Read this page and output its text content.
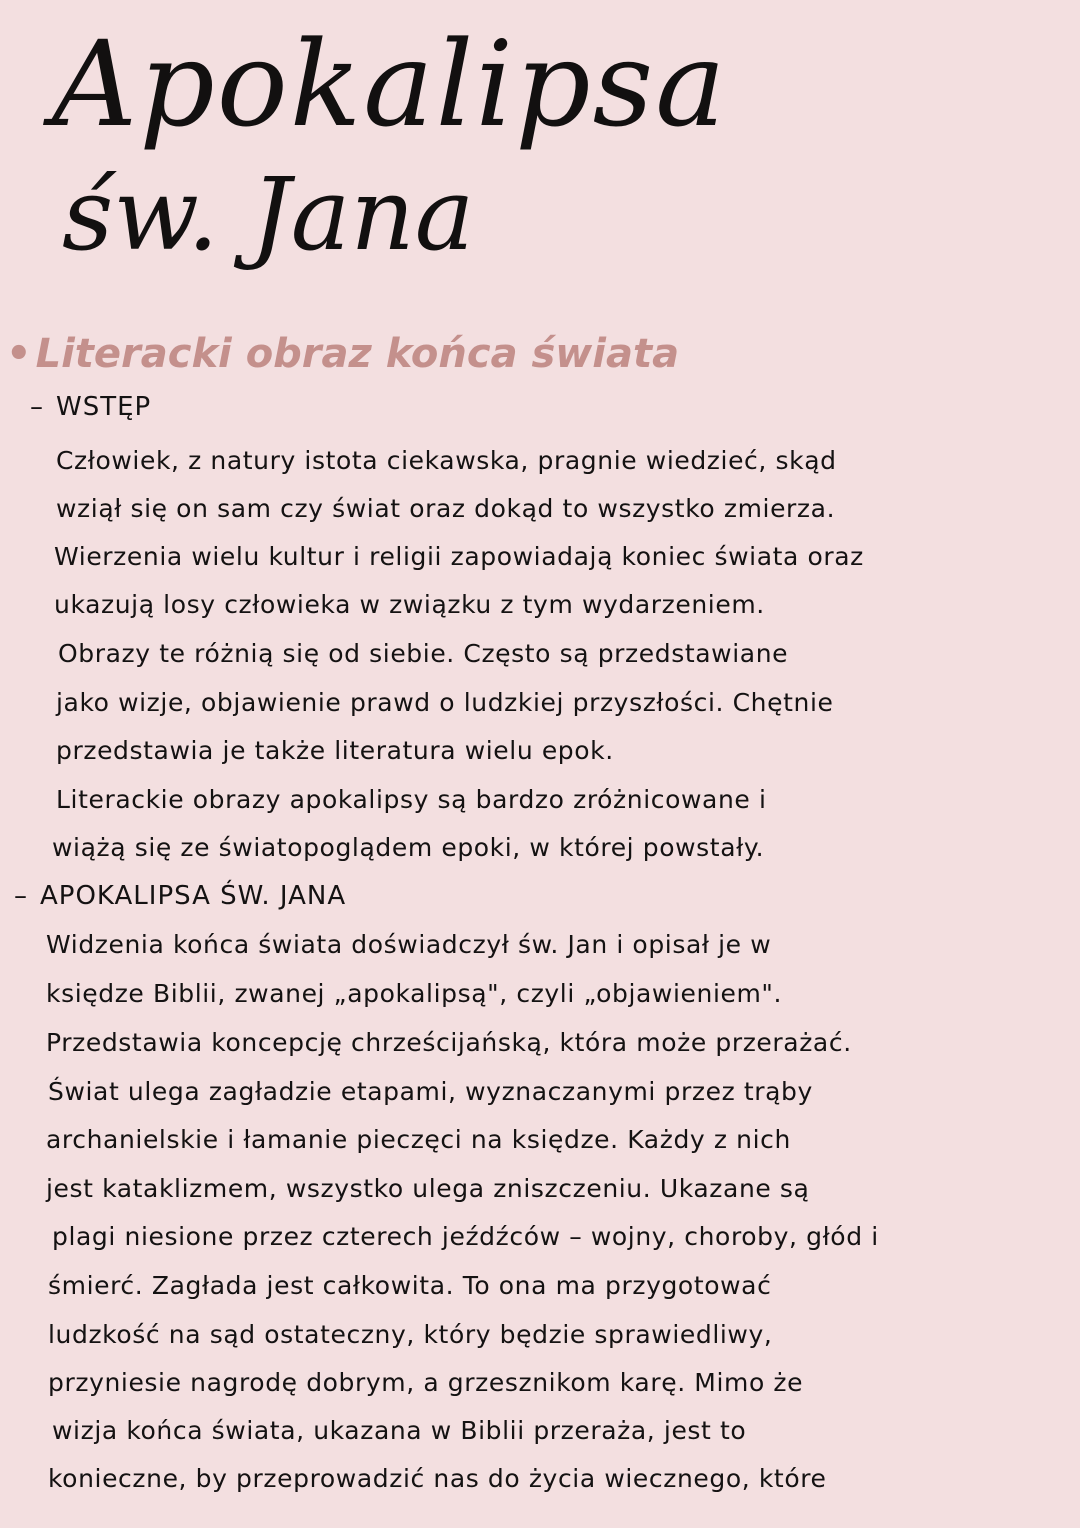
Apokalipsa
św. Jana
• Literacki obraz końca świata
– WSTĘP
Człowiek, z natury istota ciekawska, pragnie wiedzieć, skąd
wziął się on sam czy świat oraz dokąd to wszystko zmierza.
Wierzenia wielu kultur i religii zapowiadają koniec świata oraz
ukazują losy człowieka w związku z tym wydarzeniem.
Obrazy te różnią się od siebie. Często są przedstawiane
jako wizje, objawienie prawd o ludzkiej przyszłości. Chętnie
przedstawia je także literatura wielu epok.
Literackie obrazy apokalipsy są bardzo zróżnicowane i
wiążą się ze światopoglądem epoki, w której powstały.
– APOKALIPSA ŚW. JANA
Widzenia końca świata doświadczył św. Jan i opisał je w
księdze Biblii, zwanej „apokalipsą", czyli „objawieniem".
Przedstawia koncepcję chrześcijańską, która może przerażać.
Świat ulega zagładzie etapami, wyznaczanymi przez trąby
archanielskie i łamanie pieczęci na księdze. Każdy z nich
jest kataklizmem, wszystko ulega zniszczeniu. Ukazane są
plagi niesione przez czterech jeźdźców – wojny, choroby, głód i
śmierć. Zagłada jest całkowita. To ona ma przygotować
ludzkość na sąd ostateczny, który będzie sprawiedliwy,
przyniesie nagrodę dobrym, a grzesznikom karę. Mimo że
wizja końca świata, ukazana w Biblii przeraża, jest to
konieczne, by przeprowadzić nas do życia wiecznego, które
